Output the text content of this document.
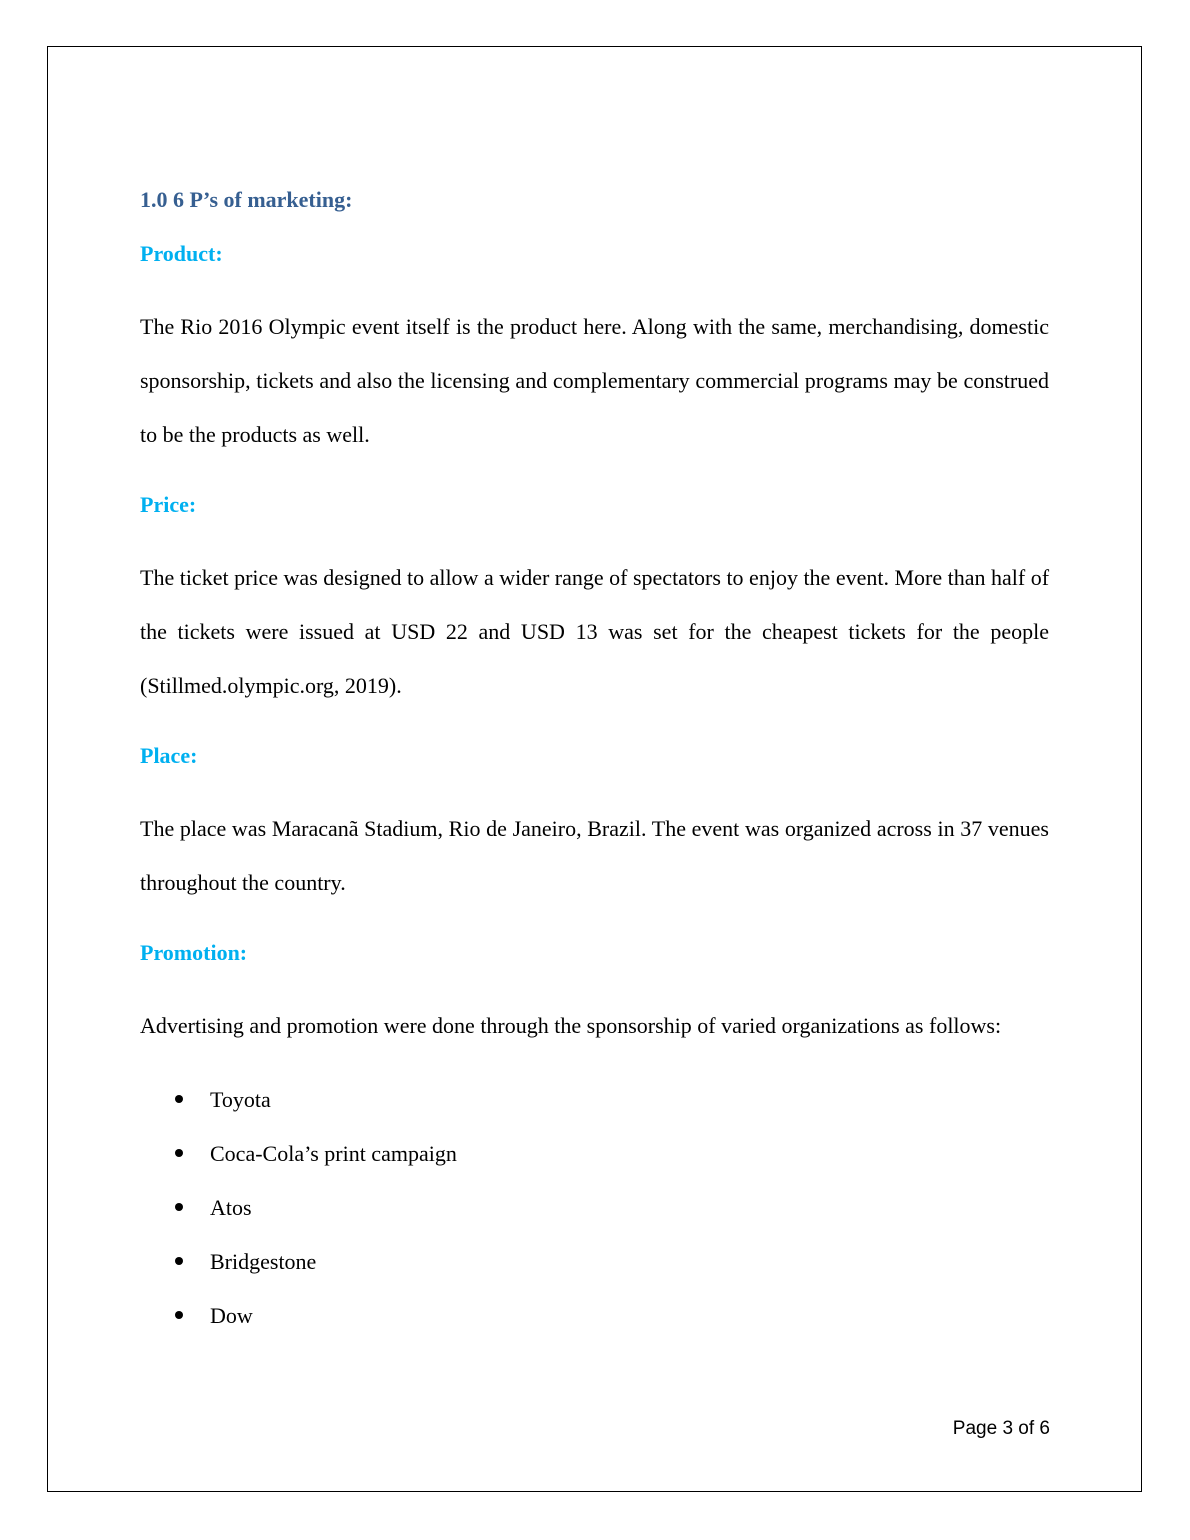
1.0 6 P’s of marketing:
Product:

The Rio 2016 Olympic event itself is the product here. Along with the same, merchandising, domestic sponsorship, tickets and also the licensing and complementary commercial programs may be construed to be the products as well.

Price:

The ticket price was designed to allow a wider range of spectators to enjoy the event. More than half of the tickets were issued at USD 22 and USD 13 was set for the cheapest tickets for the people (Stillmed.olympic.org, 2019).

Place:

The place was Maracanã Stadium, Rio de Janeiro, Brazil. The event was organized across in 37 venues throughout the country.

Promotion:

Advertising and promotion were done through the sponsorship of varied organizations as follows:

Toyota
Coca-Cola’s print campaign
Atos
Bridgestone
Dow
Page 3 of 6
